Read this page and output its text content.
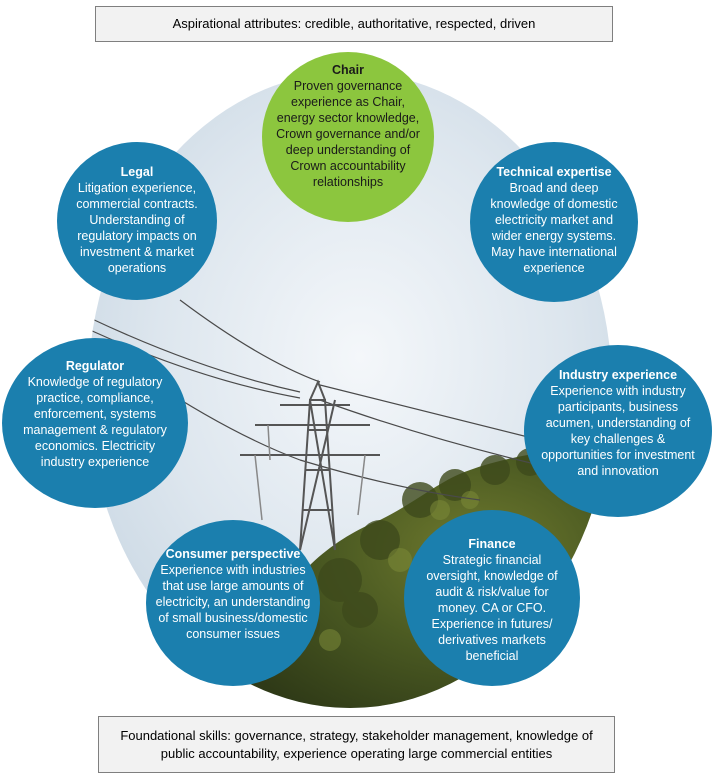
Aspirational attributes: credible, authoritative, respected, driven
Chair
Proven governance experience as Chair, energy sector knowledge, Crown governance and/or deep understanding of Crown accountability relationships
Legal
Litigation experience, commercial contracts. Understanding of regulatory impacts on investment & market operations
Technical expertise
Broad and deep knowledge of domestic electricity market and wider energy systems. May have international experience
Regulator
Knowledge of regulatory practice, compliance, enforcement, systems management & regulatory economics. Electricity industry experience
Industry experience
Experience with industry participants, business acumen, understanding of key challenges & opportunities for investment and innovation
Consumer perspective
Experience with industries that use large amounts of electricity, an understanding of small business/domestic consumer issues
Finance
Strategic financial oversight, knowledge of audit & risk/value for money. CA or CFO. Experience in futures/ derivatives markets beneficial
Foundational skills: governance, strategy, stakeholder management, knowledge of public accountability, experience operating large commercial entities
